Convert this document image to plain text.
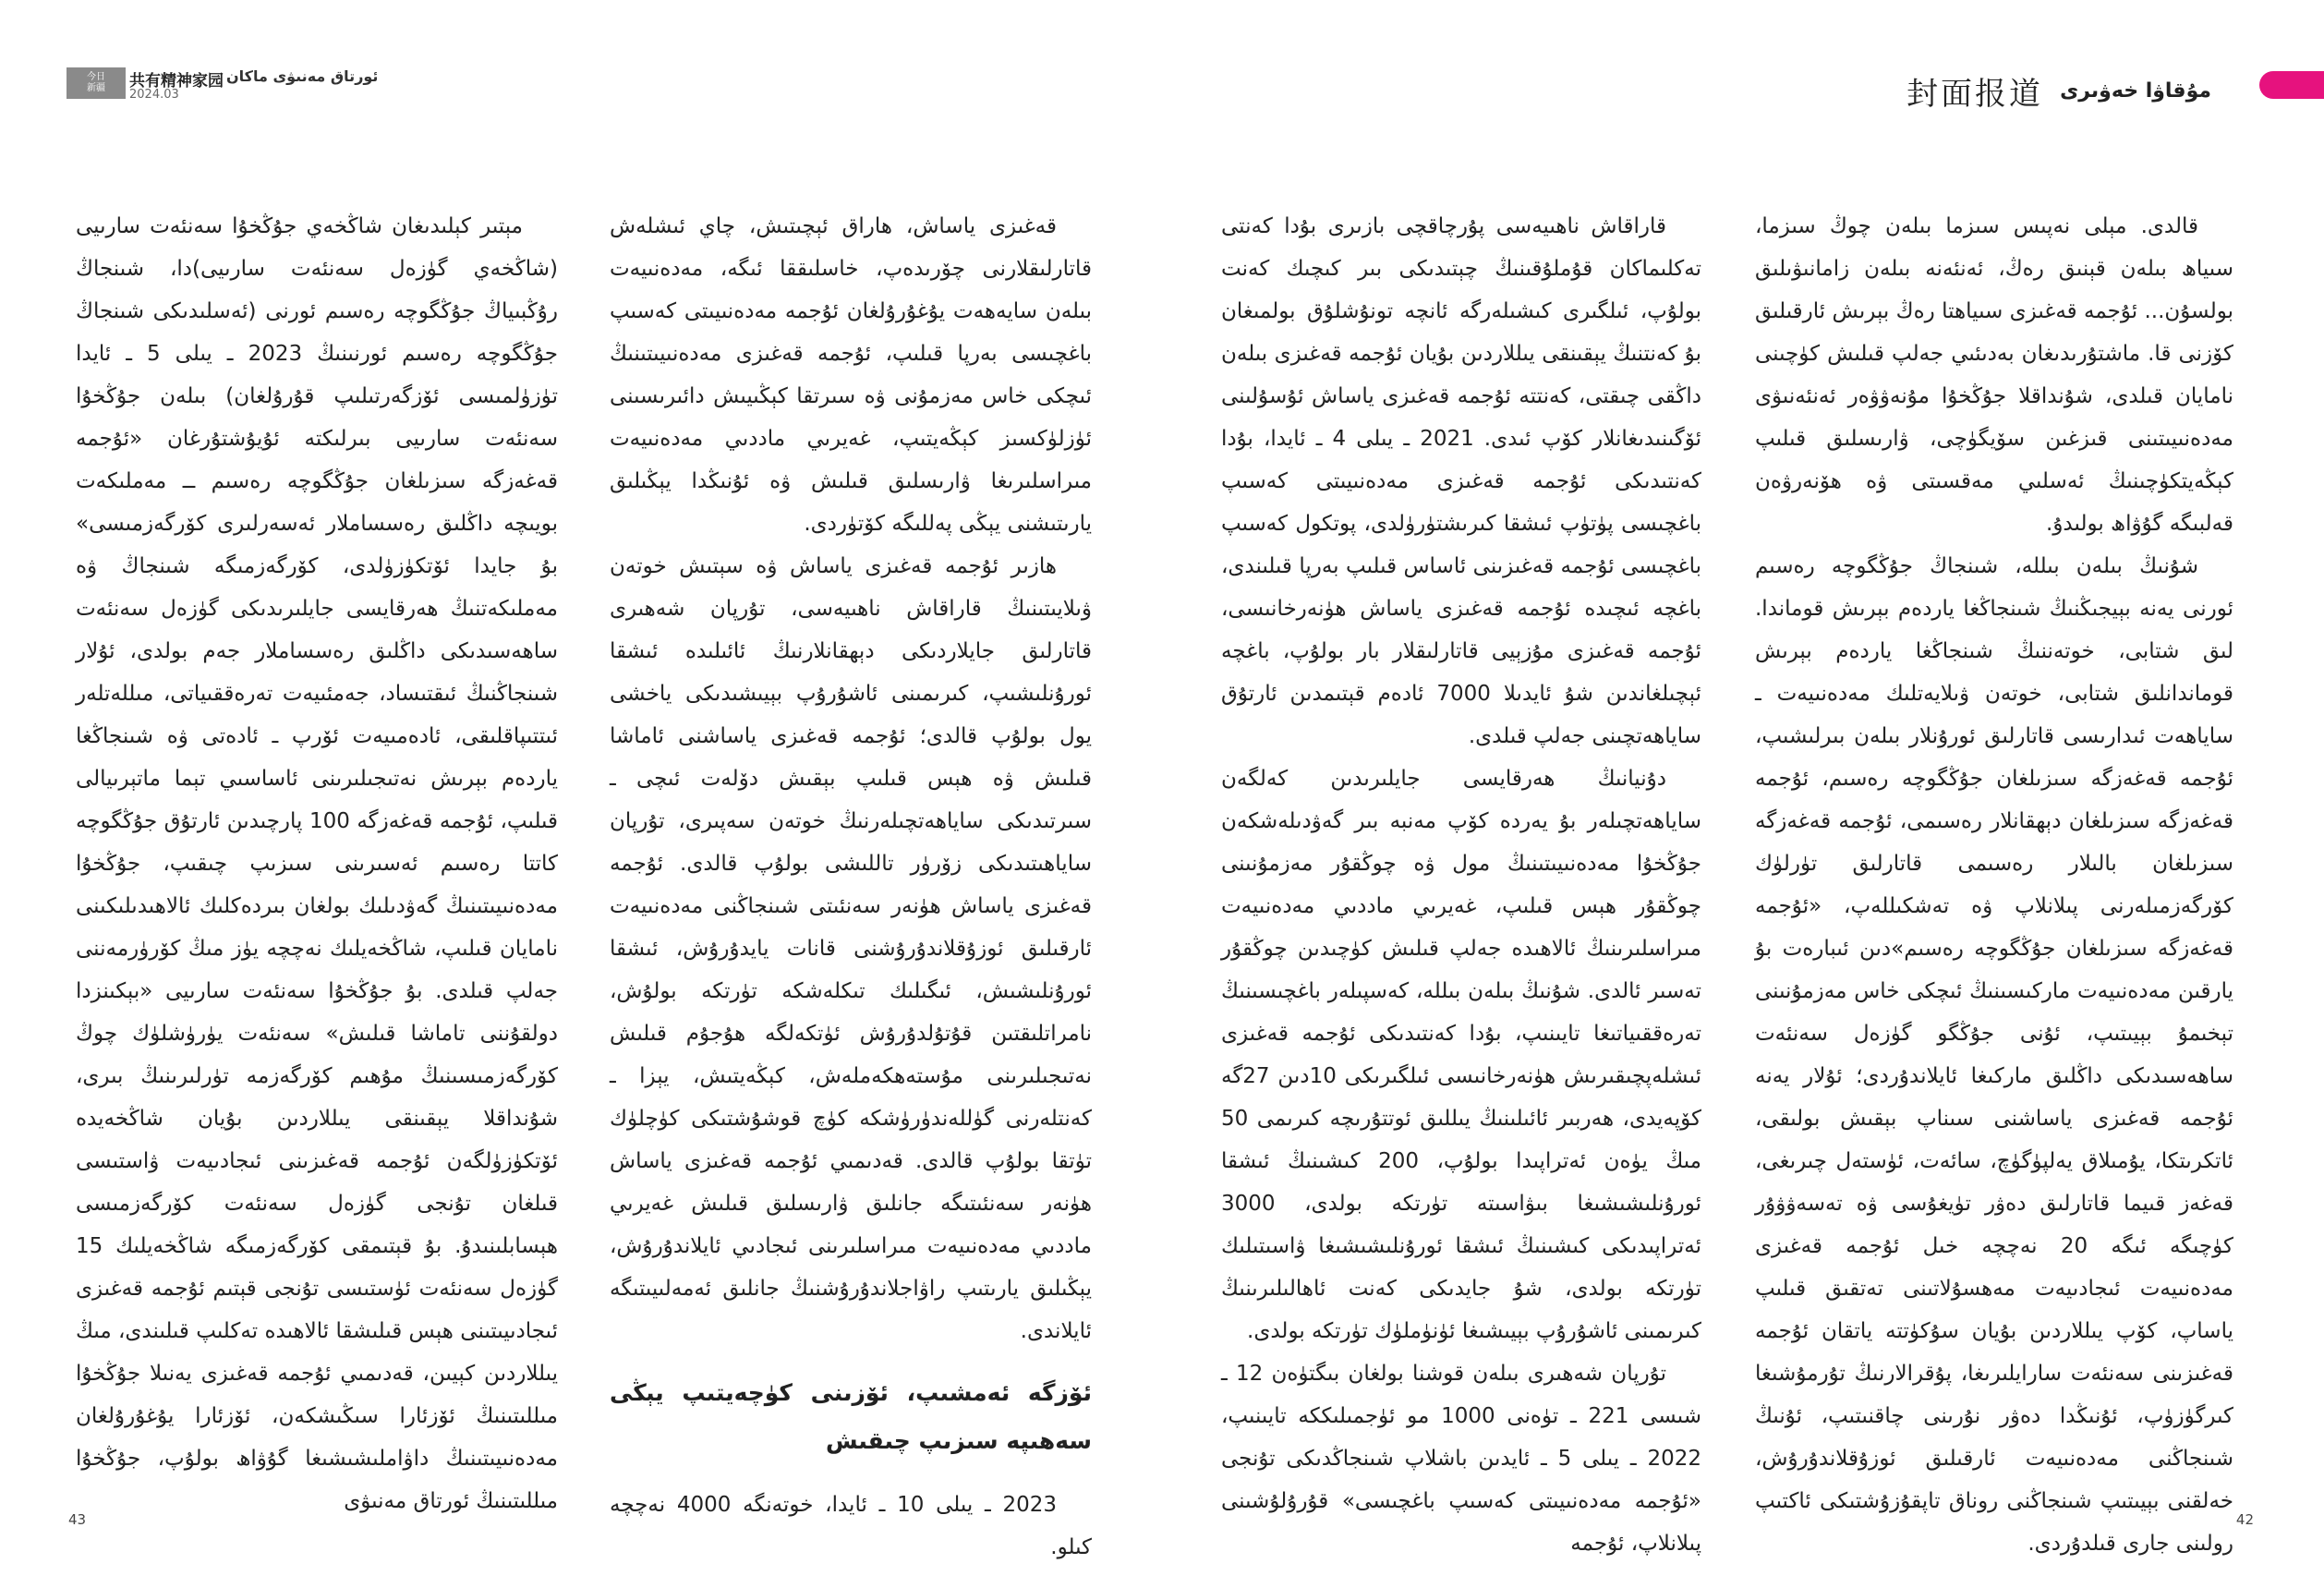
今日
新疆 共有精神家园 ئورتاق مەنىۋى ماكان
2024.03	封面报道 مۇقاۋا خەۋىرى

قالدى. مېلى نەپىس سىزما بىلەن چوڭ سىزما، سىياھ بىلەن قېنىق رەڭ، ئەنئەنە بىلەن زامانىۋىلىق بولسۇن... ئۇجمە قەغىزى سىياھتا رەڭ بېرىش ئارقىلىق كۆزنى قا. ماشتۇرىدىغان بەدىئىي جەلپ قىلىش كۈچىنى نامايان قىلدى، شۇنداقلا جۇڭخۇا مۇنەۋۋەر ئەنئەنىۋى مەدەنىيىتىنى قىزغىن سۆيگۈچى، ۋارىسلىق قىلىپ كېڭەيتكۈچىنىڭ ئەسلىي مەقسىتى ۋە ھۆنەرۋەن قەلبىگە گۇۋاھ بولىدۇ.

شۇنىڭ بىلەن بىللە، شىنجاڭ جۇڭگوچە رەسىم ئورنى يەنە بېيجىڭنىڭ شىنجاڭغا ياردەم بېرىش قوماندا. لىق شتابى، خوتەننىڭ شىنجاڭغا ياردەم بېرىش قوماندانلىق شتابى، خوتەن ۋىلايەتلىك مەدەنىيەت ـ ساياھەت ئىدارىسى قاتارلىق ئورۇنلار بىلەن بىرلىشىپ، ئۇجمە قەغەزگە سىزىلغان جۇڭگوچە رەسىم، ئۇجمە قەغەزگە سىزىلغان دېھقانلار رەسىمى، ئۇجمە قەغەزگە سىزىلغان بالىلار رەسىمى قاتارلىق تۈرلۈك كۆرگەزمىلەرنى پىلانلاپ ۋە تەشكىللەپ، «ئۇجمە قەغەزگە سىزىلغان جۇڭگوچە رەسىم»دىن ئىبارەت بۇ يارقىن مەدەنىيەت ماركىسىنىڭ ئىچكى خاس مەزمۇنىنى تېخىمۇ بېيىتىپ، ئۇنى جۇڭگو گۈزەل سەنئەت ساھەسىدىكى داڭلىق ماركىغا ئايلاندۇردى؛ ئۇلار يەنە ئۇجمە قەغىزى ياساشنى سىناپ بېقىش بولىقى، ئاتكرىتكا، يۇمىلاق يەلپۈگۈچ، سائەت، ئۈستەل چىرىغى، قەغەز قىيما قاتارلىق دەۋر تۈيغۇسى ۋە تەسەۋۋۇر كۈچىگە ئىگە 20 نەچچە خىل ئۇجمە قەغىزى مەدەنىيەت ئىجادىيەت مەھسۇلاتىنى تەتقىق قىلىپ ياساپ، كۆپ يىللاردىن بۇيان سۇكۈتتە ياتقان ئۇجمە قەغىزىنى سەنئەت سارايلىرىغا، پۇقرالارنىڭ تۇرمۇشىغا كىرگۈزۈپ، ئۇنىڭدا دەۋر نۇرىنى چاقنىتىپ، ئۇنىڭ شىنجاڭنى مەدەنىيەت ئارقىلىق ئوزۇقلاندۇرۇش، خەلقنى بېيىتىپ شىنجاڭنى روناق تاپقۇزۇشتىكى ئاكتىپ رولىنى جارى قىلدۇردى.

قاراقاش ناھىيەسى پۇرچاقچى بازىرى بۇدا كەنتى تەكلىماكان قۇملۇقىنىڭ چېتىدىكى بىر كىچىك كەنت بولۇپ، ئىلگىرى كىشىلەرگە ئانچە تونۇشلۇق بولمىغان بۇ كەنتنىڭ يېقىنقى يىللاردىن بۇيان ئۇجمە قەغىزى بىلەن داڭقى چىقتى، كەنتتە ئۇجمە قەغىزى ياساش ئۇسۇلىنى ئۆگىنىدىغانلار كۆپ ئىدى. 2021 ـ يىلى 4 ـ ئايدا، بۇدا كەنتىدىكى ئۇجمە قەغىزى مەدەنىيىتى كەسىپ باغچىسى پۈتۈپ ئىشقا كىرىشتۈرۈلدى، پوتكول كەسىپ باغچىسى ئۇجمە قەغىزىنى ئاساس قىلىپ بەرپا قىلىندى، باغچە ئىچىدە ئۇجمە قەغىزى ياساش ھۈنەرخانىسى، ئۇجمە قەغىزى مۇزېيى قاتارلىقلار بار بولۇپ، باغچە ئېچىلغاندىن شۇ ئايدىلا 7000 ئادەم قېتىمدىن ئارتۇق ساياھەتچىنى جەلپ قىلدى.

دۇنيانىڭ ھەرقايسى جايلىرىدىن كەلگەن ساياھەتچىلەر بۇ يەردە كۆپ مەنبە بىر گەۋدىلەشكەن جۇڭخۇا مەدەنىيىتىنىڭ مول ۋە چوڭقۇر مەزمۇنىنى چوڭقۇر ھېس قىلىپ، غەيرىي ماددىي مەدەنىيەت مىراسلىرىنىڭ ئالاھىدە جەلپ قىلىش كۈچىدىن چوڭقۇر تەسىر ئالدى. شۇنىڭ بىلەن بىللە، كەسپىلەر باغچىسىنىڭ تەرەققىياتىغا تايىنىپ، بۇدا كەنتىدىكى ئۇجمە قەغىزى ئىشلەپچىقىرىش ھۈنەرخانىسى ئىلگىرىكى 10دىن 27گە كۆپەيدى، ھەربىر ئائىلىنىڭ يىللىق ئوتتۇرىچە كىرىمى 50 مىڭ يۈەن ئەتراپىدا بولۇپ، 200 كىشىنىڭ ئىشقا ئورۇنلىشىشىغا بىۋاسىتە تۈرتكە بولدى، 3000 ئەتراپىدىكى كىشىنىڭ ئىشقا ئورۇنلىشىشىغا ۋاسىتىلىك تۈرتكە بولدى، شۇ جايدىكى كەنت ئاھالىلىرىنىڭ كىرىمىنى ئاشۇرۇپ بېيىشىغا ئۈنۈملۈك تۈرتكە بولدى.

تۇرپان شەھىرى بىلەن قوشنا بولغان بىگتۈەن 12 ـ شىسى 221 ـ تۈەنى 1000 مو ئۈجمىلىككە تايىنىپ، 2022 ـ يىلى 5 ـ ئايدىن باشلاپ شىنجاڭدىكى تۇنجى «ئۇجمە مەدەنىيىتى كەسىپ باغچىسى» قۇرۇلۇشىنى پىلانلاپ، ئۇجمە

قەغىزى ياساش، ھاراق ئېچىتىش، چاي ئىشلەش قاتارلىقلارنى چۆرىدەپ، خاسلىققا ئىگە، مەدەنىيەت بىلەن سايەھەت يۇغۇرۇلغان ئۇجمە مەدەنىيىتى كەسىپ باغچىسى بەرپا قىلىپ، ئۇجمە قەغىزى مەدەنىيىتىنىڭ ئىچكى خاس مەزمۇنى ۋە سىرتقا كېڭىيىش دائىرىسىنى ئۈزلۈكسىز كېڭەيتىپ، غەيرىي ماددىي مەدەنىيەت مىراسلىرىغا ۋارىسلىق قىلىش ۋە ئۇنىڭدا يېڭىلىق يارىتىشنى يېڭى پەللىگە كۆتۈردى.

ھازىر ئۇجمە قەغىزى ياساش ۋە سېتىش خوتەن ۋىلايىتىنىڭ قاراقاش ناھىيەسى، تۇرپان شەھىرى قاتارلىق جايلاردىكى دېھقانلارنىڭ ئائىلىدە ئىشقا ئورۇنلىشىپ، كىرىمىنى ئاشۇرۇپ بېيىشىدىكى ياخشى يول بولۇپ قالدى؛ ئۇجمە قەغىزى ياساشنى ئاماشا قىلىش ۋە ھېس قىلىپ بېقىش دۆلەت ئىچى ـ سىرتىدىكى ساياھەتچىلەرنىڭ خوتەن سەپىرى، تۇرپان ساياھىتىدىكى زۆرۈر تاللىشى بولۇپ قالدى. ئۇجمە قەغىزى ياساش ھۈنەر سەنئىتى شىنجاڭنى مەدەنىيەت ئارقىلىق ئوزۇقلاندۇرۇشنى قانات يايدۇرۇش، ئىشقا ئورۇنلىشىش، ئىگىلىك تىكلەشكە تۈرتكە بولۇش، نامراتلىقتىن قۇتۇلدۇرۇش ئۈتكەلگە ھۇجۇم قىلىش نەتىجىلىرىنى مۇستەھكەملەش، كېڭەيتىش، يېزا ـ كەنتلەرنى گۈللەندۈرۈشكە كۈچ قوشۇشتىكى كۈچلۈك تۈتقا بولۇپ قالدى. قەدىمىي ئۇجمە قەغىزى ياساش ھۈنەر سەنئىتىگە جانلىق ۋارىسلىق قىلىش غەيرىي ماددىي مەدەنىيەت مىراسلىرىنى ئىجادىي ئايلاندۇرۇش، يېڭىلىق يارىتىپ راۋاجلاندۇرۇشنىڭ جانلىق ئەمەلىيىتىگە ئايلاندى.

ئۆزگە ئەمشىپ، ئۆزىنى كۈچەيتىپ يېڭى سەھىپە سىزىپ چىقىش

2023 ـ يىلى 10 ـ ئايدا، خوتەنگە 4000 نەچچە كىلو.

مېتىر كېلىدىغان شاڭخەي جۇڭخۇا سەنئەت سارىيى (شاڭخەي گۈزەل سەنئەت سارىيى)دا، شىنجاڭ رۇڭبىياڭ جۇڭگوچە رەسىم ئورنى (ئەسلىدىكى شىنجاڭ جۇڭگوچە رەسىم ئورنىنىڭ 2023 ـ يىلى 5 ـ ئايدا تۈزۈلمىسى ئۆزگەرتىلىپ قۇرۇلغان) بىلەن جۇڭخۇا سەنئەت سارىيى بىرلىكتە ئۇيۇشتۇرغان «ئۇجمە قەغەزگە سىزىلغان جۇڭگوچە رەسىم ــ مەملىكەت بويىچە داڭلىق رەسساملار ئەسەرلىرى كۆرگەزمىسى» بۇ جايدا ئۆتكۈزۈلدى، كۆرگەزمىگە شىنجاڭ ۋە مەملىكەتنىڭ ھەرقايسى جايلىرىدىكى گۈزەل سەنئەت ساھەسىدىكى داڭلىق رەسساملار جەم بولدى، ئۇلار شىنجاڭنىڭ ئىقتىساد، جەمئىيەت تەرەققىياتى، مىللەتلەر ئىتتىپاقلىقى، ئادەمىيەت ئۆرپ ـ ئادەتى ۋە شىنجاڭغا ياردەم بېرىش نەتىجىلىرىنى ئاساسىي تېما ماتېرىيالى قىلىپ، ئۇجمە قەغەزگە 100 پارچىدىن ئارتۇق جۇڭگوچە كاتتا رەسىم ئەسىرىنى سىزىپ چىقىپ، جۇڭخۇا مەدەنىيىتىنىڭ گەۋدىلىك بولغان بىردەكلىك ئالاھىدىلىكىنى نامايان قىلىپ، شاڭخەيلىك نەچچە يۈز مىڭ كۆرۈرمەننى جەلپ قىلدى. بۇ جۇڭخۇا سەنئەت سارىيى «بېكىنزدا دولقۇننى تاماشا قىلىش» سەنئەت يۈرۈشلۈك چوڭ كۆرگەزمىسىنىڭ مۇھىم كۆرگەزمە تۈرلىرىنىڭ بىرى، شۇنداقلا يېقىنقى يىللاردىن بۇيان شاڭخەيدە ئۆتكۈزۈلگەن ئۇجمە قەغىزىنى ئىجادىيەت ۋاستىسى قىلغان تۇنجى گۈزەل سەنئەت كۆرگەزمىسى ھېسابلىنىدۇ. بۇ قېتىمقى كۆرگەزمىگە شاڭخەيلىك 15 گۈزەل سەنئەت ئۈستىسى تۇنجى قېتىم ئۇجمە قەغىزى ئىجادىيىتىنى ھېس قىلىشقا ئالاھىدە تەكلىپ قىلىندى، مىڭ يىللاردىن كېيىن، قەدىمىي ئۇجمە قەغىزى يەنىلا جۇڭخۇا مىللىتىنىڭ ئۆزئارا سىڭىشكەن، ئۆزئارا يۇغۇرۇلغان مەدەنىيىتىنىڭ داۋاملىشىشىغا گۇۋاھ بولۇپ، جۇڭخۇا مىللىتىنىڭ ئورتاق مەنىۋى

43	42
